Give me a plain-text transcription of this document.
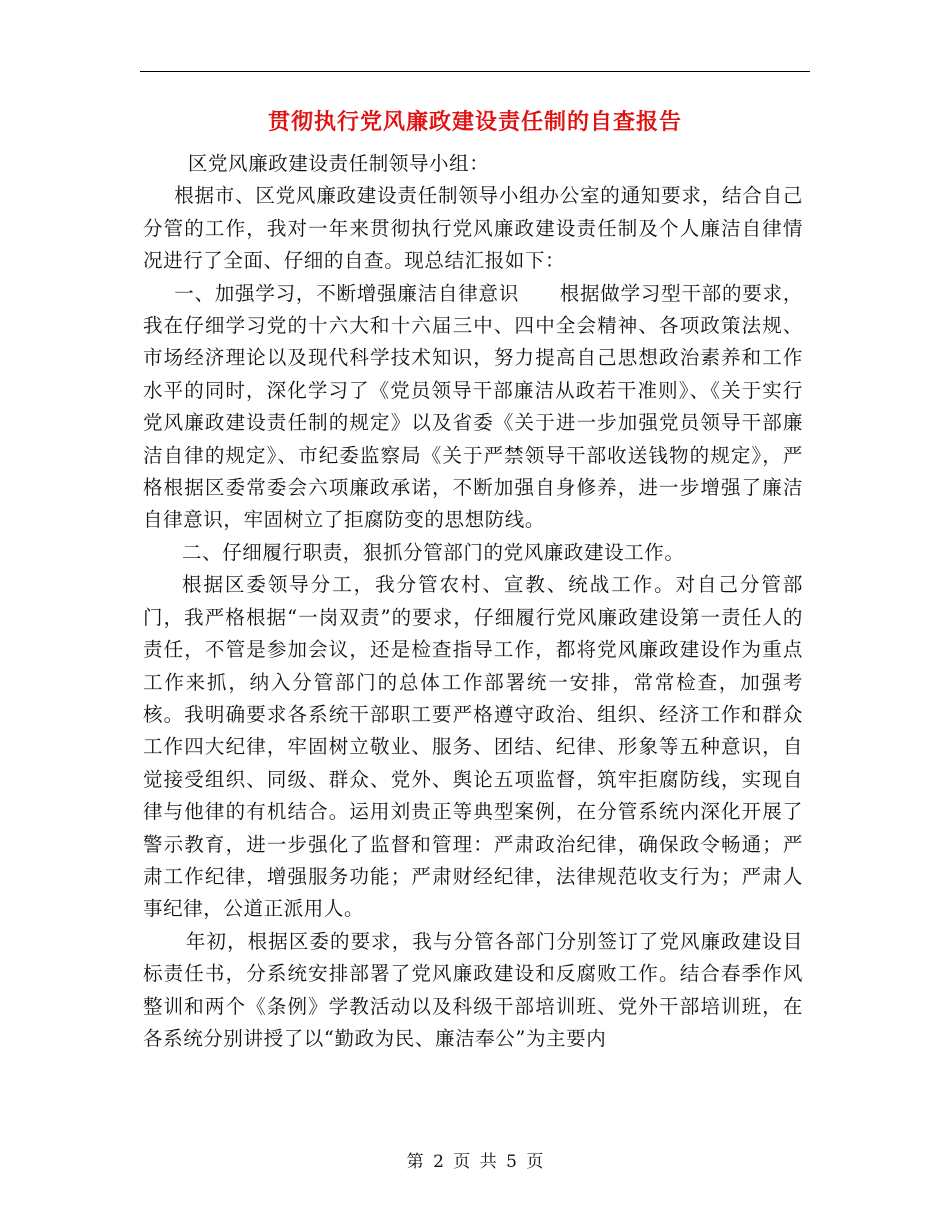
贯彻执行党风廉政建设责任制的自查报告

区党风廉政建设责任制领导小组：

根据市、区党风廉政建设责任制领导小组办公室的通知要求，结合自己分管的工作，我对一年来贯彻执行党风廉政建设责任制及个人廉洁自律情况进行了全面、仔细的自查。现总结汇报如下：

一、加强学习，不断增强廉洁自律意识　　根据做学习型干部的要求，我在仔细学习党的十六大和十六届三中、四中全会精神、各项政策法规、市场经济理论以及现代科学技术知识，努力提高自己思想政治素养和工作水平的同时，深化学习了《党员领导干部廉洁从政若干准则》、《关于实行党风廉政建设责任制的规定》以及省委《关于进一步加强党员领导干部廉洁自律的规定》、市纪委监察局《关于严禁领导干部收送钱物的规定》，严格根据区委常委会六项廉政承诺，不断加强自身修养，进一步增强了廉洁自律意识，牢固树立了拒腐防变的思想防线。

二、仔细履行职责，狠抓分管部门的党风廉政建设工作。

根据区委领导分工，我分管农村、宣教、统战工作。对自己分管部门，我严格根据“一岗双责”的要求，仔细履行党风廉政建设第一责任人的责任，不管是参加会议，还是检查指导工作，都将党风廉政建设作为重点工作来抓，纳入分管部门的总体工作部署统一安排，常常检查，加强考核。我明确要求各系统干部职工要严格遵守政治、组织、经济工作和群众工作四大纪律，牢固树立敬业、服务、团结、纪律、形象等五种意识，自觉接受组织、同级、群众、党外、舆论五项监督，筑牢拒腐防线，实现自律与他律的有机结合。运用刘贵正等典型案例，在分管系统内深化开展了警示教育，进一步强化了监督和管理：严肃政治纪律，确保政令畅通；严肃工作纪律，增强服务功能；严肃财经纪律，法律规范收支行为；严肃人事纪律，公道正派用人。

年初，根据区委的要求，我与分管各部门分别签订了党风廉政建设目标责任书，分系统安排部署了党风廉政建设和反腐败工作。结合春季作风整训和两个《条例》学教活动以及科级干部培训班、党外干部培训班，在各系统分别讲授了以“勤政为民、廉洁奉公”为主要内

第 2 页 共 5 页
